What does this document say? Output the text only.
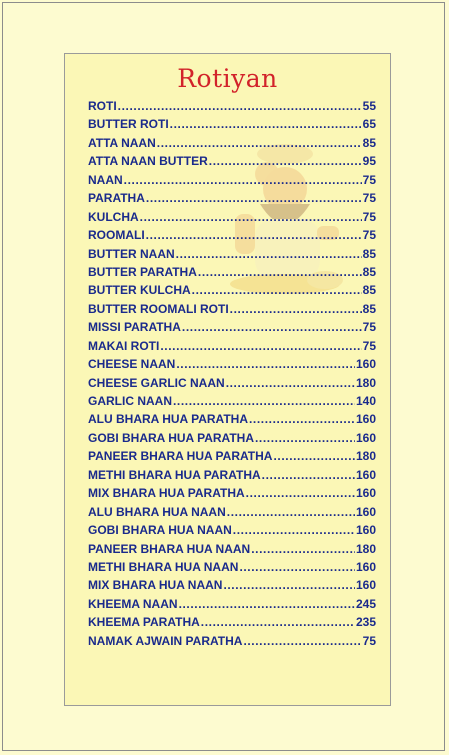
Rotiyan
ROTI .....	55
BUTTER ROTI .....	65
ATTA NAAN .....	85
ATTA NAAN BUTTER .....	95
NAAN .....	75
PARATHA .....	75
KULCHA .....	75
ROOMALI .....	75
BUTTER NAAN .....	85
BUTTER PARATHA .....	85
BUTTER KULCHA .....	85
BUTTER ROOMALI ROTI .....	85
MISSI PARATHA .....	75
MAKAI ROTI .....	75
CHEESE NAAN .....	160
CHEESE GARLIC NAAN .....	180
GARLIC NAAN .....	140
ALU BHARA HUA PARATHA .....	160
GOBI BHARA HUA PARATHA .....	160
PANEER BHARA HUA PARATHA .....	180
METHI BHARA HUA PARATHA .....	160
MIX BHARA HUA PARATHA .....	160
ALU BHARA HUA NAAN .....	160
GOBI BHARA HUA NAAN .....	160
PANEER BHARA HUA NAAN .....	180
METHI BHARA HUA NAAN .....	160
MIX BHARA HUA NAAN .....	160
KHEEMA NAAN .....	245
KHEEMA PARATHA .....	235
NAMAK AJWAIN PARATHA .....	75
